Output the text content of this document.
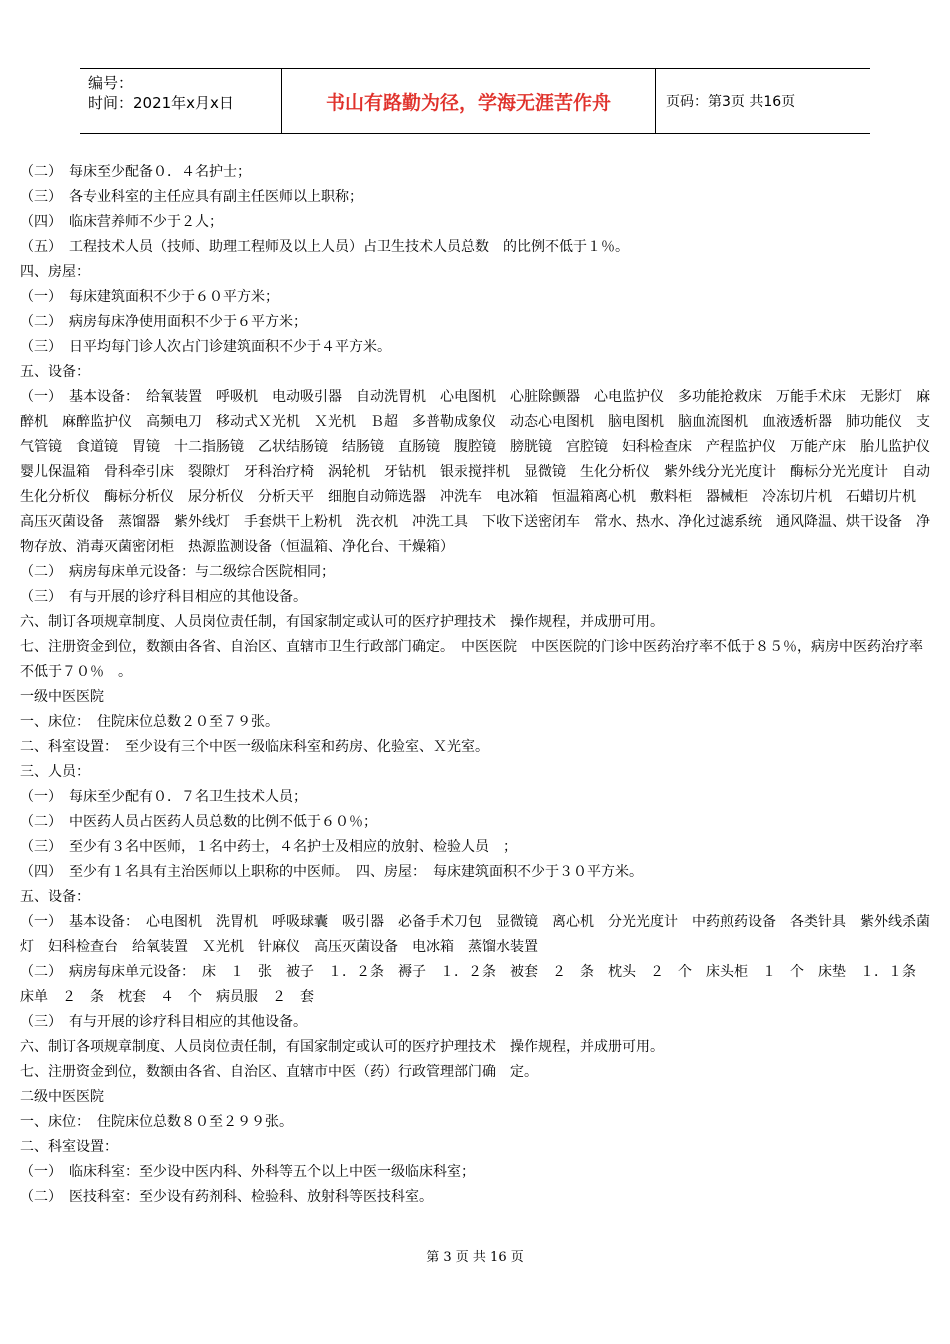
编号：
时间：2021年x月x日	书山有路勤为径，学海无涯苦作舟	页码：第3页 共16页

（二）　每床至少配备０．４名护士；

（三）　各专业科室的主任应具有副主任医师以上职称；

（四）　临床营养师不少于２人；

（五）　工程技术人员（技师、助理工程师及以上人员）占卫生技术人员总数　的比例不低于１％。

四、房屋：

（一）　每床建筑面积不少于６０平方米；

（二）　病房每床净使用面积不少于６平方米；

（三）　日平均每门诊人次占门诊建筑面积不少于４平方米。

五、设备：

（一）　基本设备：　给氧装置　呼吸机　电动吸引器　自动洗胃机　心电图机　心脏除颤器　心电监护仪　多功能抢救床　万能手术床　无影灯　麻醉机　麻醉监护仪　高频电刀　移动式Ｘ光机　Ｘ光机　Ｂ超　多普勒成象仪　动态心电图机　脑电图机　脑血流图机　血液透析器　肺功能仪　支气管镜　食道镜　胃镜　十二指肠镜　乙状结肠镜　结肠镜　直肠镜　腹腔镜　膀胱镜　宫腔镜　妇科检查床　产程监护仪　万能产床　胎儿监护仪　婴儿保温箱　骨科牵引床　裂隙灯　牙科治疗椅　涡轮机　牙钻机　银汞搅拌机　显微镜　生化分析仪　紫外线分光光度计　酶标分光光度计　自动生化分析仪　酶标分析仪　尿分析仪　分析天平　细胞自动筛选器　冲洗车　电冰箱　恒温箱离心机　敷料柜　器械柜　冷冻切片机　石蜡切片机　高压灭菌设备　蒸馏器　紫外线灯　手套烘干上粉机　洗衣机　冲洗工具　下收下送密闭车　常水、热水、净化过滤系统　通风降温、烘干设备　净物存放、消毒灭菌密闭柜　热源监测设备（恒温箱、净化台、干燥箱）

（二）　病房每床单元设备：与二级综合医院相同；

（三）　有与开展的诊疗科目相应的其他设备。

六、制订各项规章制度、人员岗位责任制，有国家制定或认可的医疗护理技术　操作规程，并成册可用。

七、注册资金到位，数额由各省、自治区、直辖市卫生行政部门确定。　中医医院　中医医院的门诊中医药治疗率不低于８５％，病房中医药治疗率不低于７０％　。

一级中医医院

一、床位：　住院床位总数２０至７９张。

二、科室设置：　至少设有三个中医一级临床科室和药房、化验室、Ｘ光室。

三、人员：

（一）　每床至少配有０．７名卫生技术人员；

（二）　中医药人员占医药人员总数的比例不低于６０％；

（三）　至少有３名中医师，１名中药士，４名护士及相应的放射、检验人员　；

（四）　至少有１名具有主治医师以上职称的中医师。　四、房屋：　每床建筑面积不少于３０平方米。

五、设备：

（一）　基本设备：　心电图机　洗胃机　呼吸球囊　吸引器　必备手术刀包　显微镜　离心机　分光光度计　中药煎药设备　各类针具　紫外线杀菌灯　妇科检查台　给氧装置　Ｘ光机　针麻仪　高压灭菌设备　电冰箱　蒸馏水装置

（二）　病房每床单元设备：　床　１　张　被子　１．２条　褥子　１．２条　被套　２　条　枕头　２　个　床头柜　１　个　床垫　１．１条　床单　２　条　枕套　４　个　病员服　２　套

（三）　有与开展的诊疗科目相应的其他设备。

六、制订各项规章制度、人员岗位责任制，有国家制定或认可的医疗护理技术　操作规程，并成册可用。

七、注册资金到位，数额由各省、自治区、直辖市中医（药）行政管理部门确　定。

二级中医医院

一、床位：　住院床位总数８０至２９９张。

二、科室设置：

（一）　临床科室：至少设中医内科、外科等五个以上中医一级临床科室；

（二）　医技科室：至少设有药剂科、检验科、放射科等医技科室。

第 3 页 共 16 页
